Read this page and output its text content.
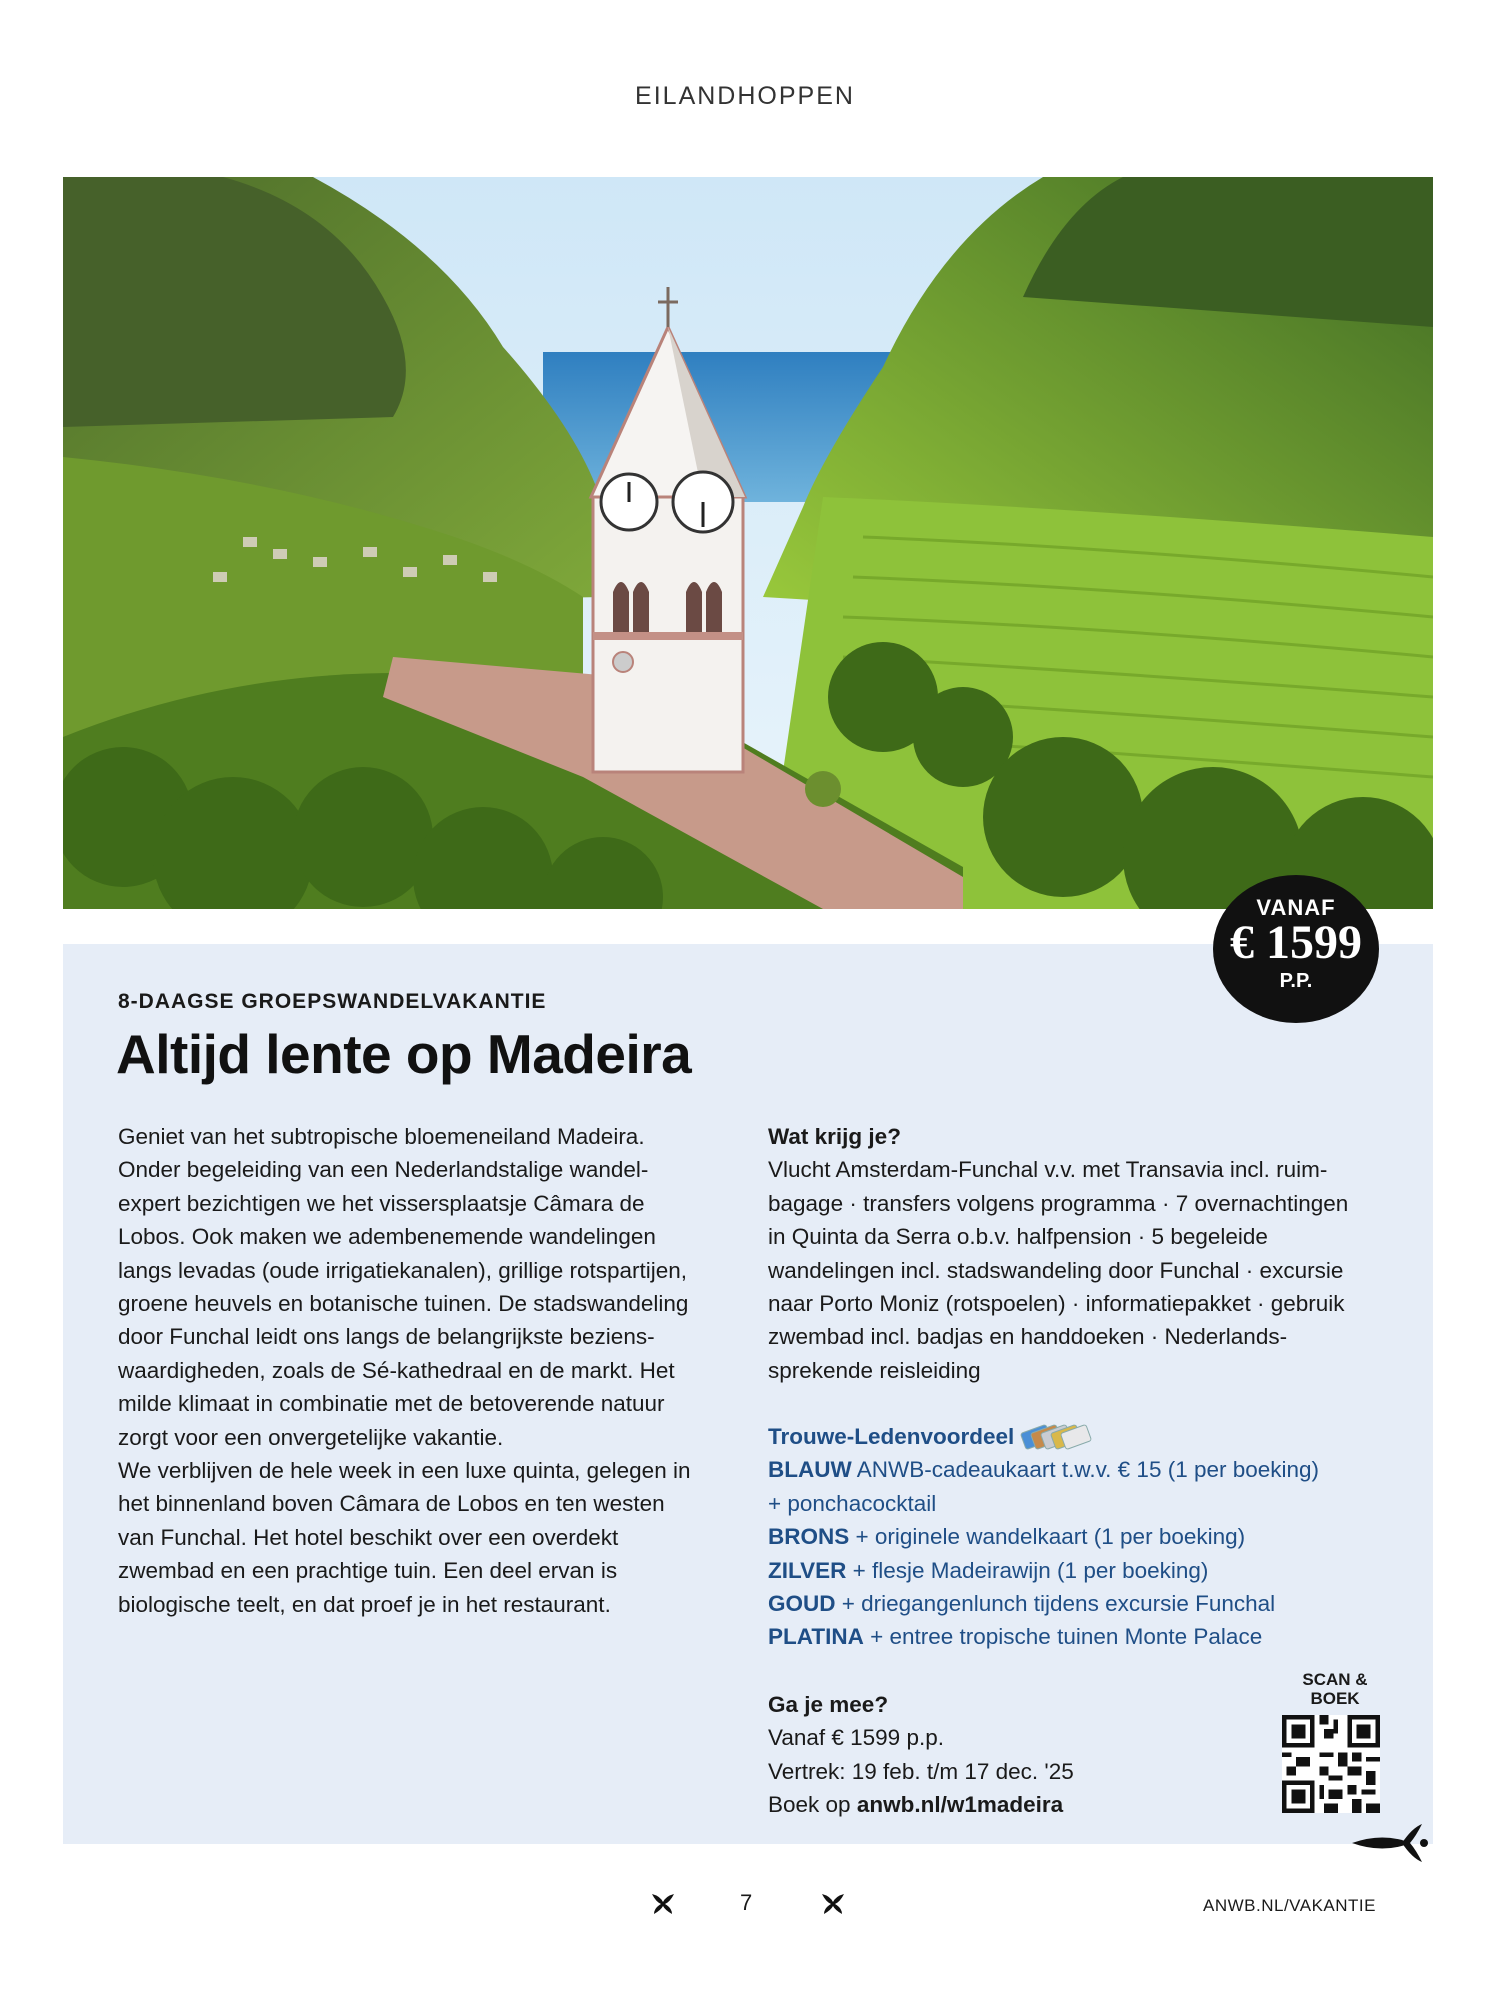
EILANDHOPPEN
VANAF
€ 1599
P.P.
8-DAAGSE GROEPSWANDELVAKANTIE
Altijd lente op Madeira

Geniet van het subtropische bloemeneiland Madeira.
Onder begeleiding van een Nederlandstalige wandel-
expert bezichtigen we het vissersplaatsje Câmara de
Lobos. Ook maken we adembenemende wandelingen
langs levadas (oude irrigatiekanalen), grillige rotspartijen,
groene heuvels en botanische tuinen. De stadswandeling
door Funchal leidt ons langs de belangrijkste beziens-
waardigheden, zoals de Sé-kathedraal en de markt. Het
milde klimaat in combinatie met de betoverende natuur
zorgt voor een onvergetelijke vakantie.

We verblijven de hele week in een luxe quinta, gelegen in
het binnenland boven Câmara de Lobos en ten westen
van Funchal. Het hotel beschikt over een overdekt
zwembad en een prachtige tuin. Een deel ervan is
biologische teelt, en dat proef je in het restaurant.

Wat krijg je?
Vlucht Amsterdam-Funchal v.v. met Transavia incl. ruim-
bagage · transfers volgens programma · 7 overnachtingen
in Quinta da Serra o.b.v. halfpension · 5 begeleide
wandelingen incl. stadswandeling door Funchal · excursie
naar Porto Moniz (rotspoelen) · informatiepakket · gebruik
zwembad incl. badjas en handdoeken · Nederlands-
sprekende reisleiding
Trouwe-Ledenvoordeel
BLAUW ANWB-cadeaukaart t.w.v. € 15 (1 per boeking)
+ ponchacocktail
BRONS + originele wandelkaart (1 per boeking)
ZILVER + flesje Madeirawijn (1 per boeking)
GOUD + driegangenlunch tijdens excursie Funchal
PLATINA + entree tropische tuinen Monte Palace
Ga je mee?
Vanaf € 1599 p.p.
Vertrek: 19 feb. t/m 17 dec. '25
Boek op anwb.nl/w1madeira
SCAN &
BOEK
7	ANWB.NL/VAKANTIE
